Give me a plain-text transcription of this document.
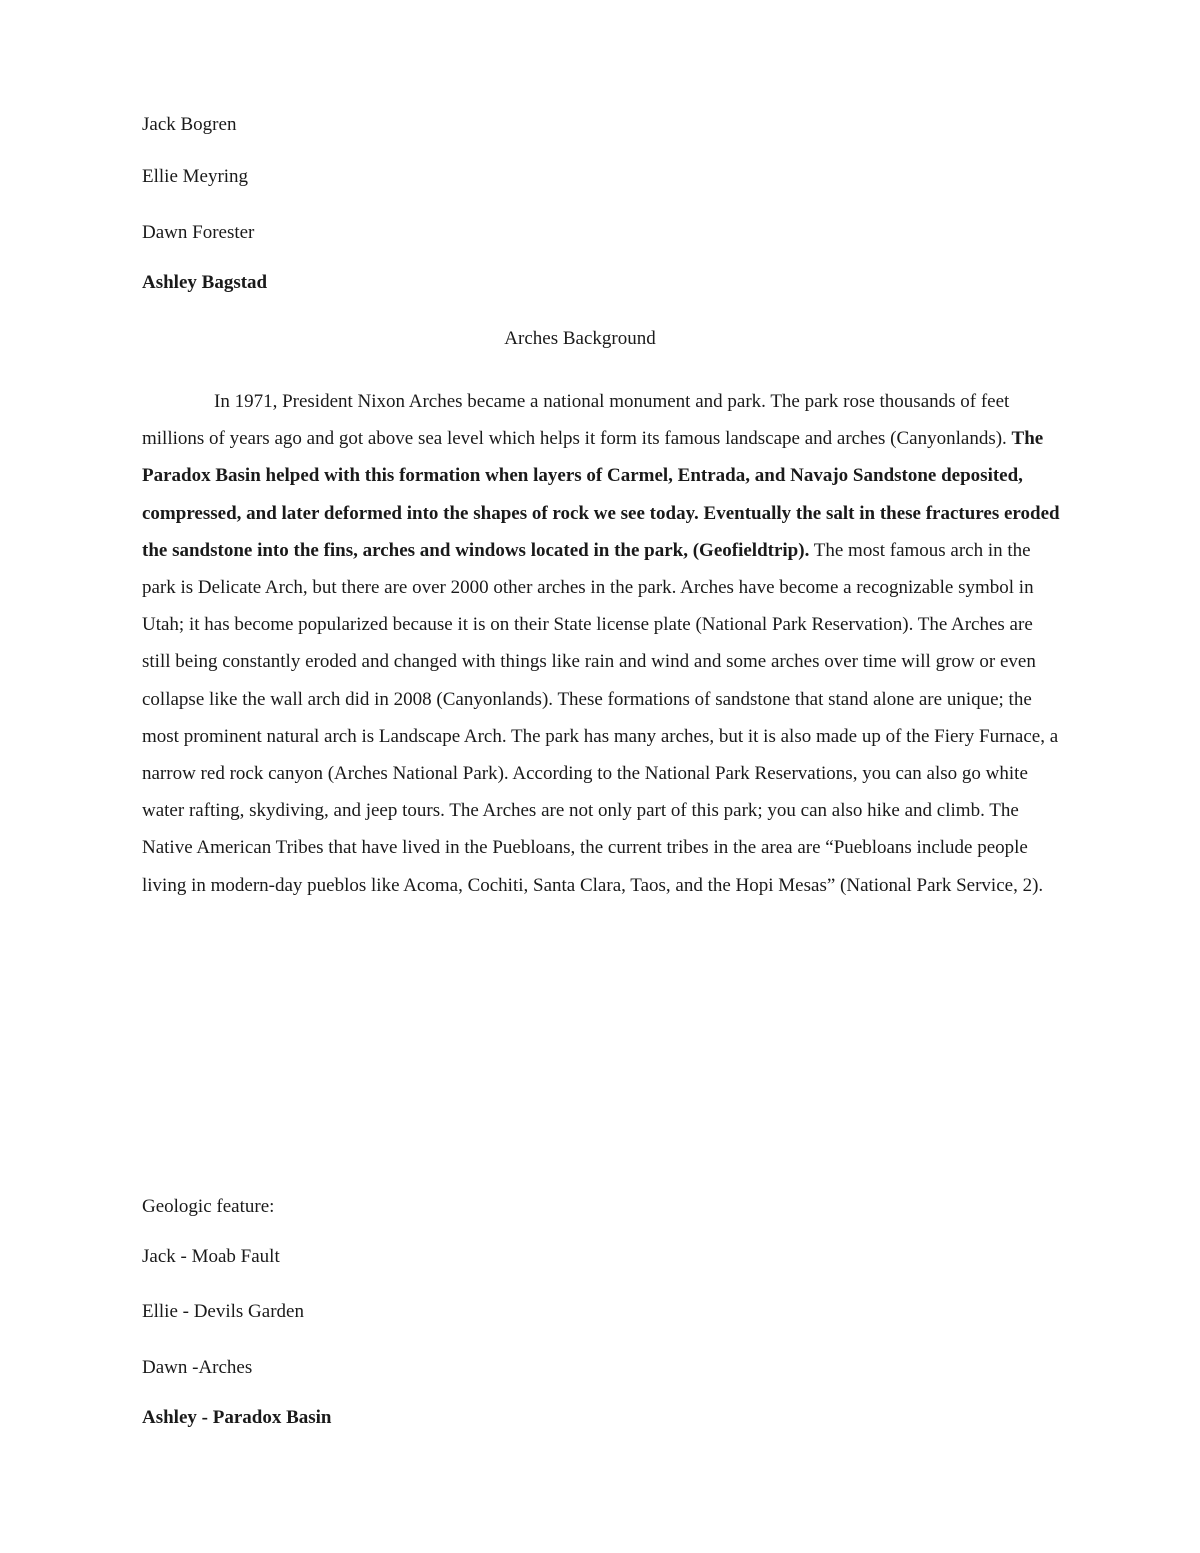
Jack Bogren
Ellie Meyring
Dawn Forester
Ashley Bagstad
Arches Background
In 1971, President Nixon Arches became a national monument and park. The park rose thousands of feet millions of years ago and got above sea level which helps it form its famous landscape and arches (Canyonlands). The Paradox Basin helped with this formation when layers of Carmel, Entrada, and Navajo Sandstone deposited, compressed, and later deformed into the shapes of rock we see today. Eventually the salt in these fractures eroded the sandstone into the fins, arches and windows located in the park, (Geofieldtrip). The most famous arch in the park is Delicate Arch, but there are over 2000 other arches in the park. Arches have become a recognizable symbol in Utah; it has become popularized because it is on their State license plate (National Park Reservation). The Arches are still being constantly eroded and changed with things like rain and wind and some arches over time will grow or even collapse like the wall arch did in 2008 (Canyonlands). These formations of sandstone that stand alone are unique; the most prominent natural arch is Landscape Arch. The park has many arches, but it is also made up of the Fiery Furnace, a narrow red rock canyon (Arches National Park). According to the National Park Reservations, you can also go white water rafting, skydiving, and jeep tours. The Arches are not only part of this park; you can also hike and climb. The Native American Tribes that have lived in the Puebloans, the current tribes in the area are “Puebloans include people living in modern-day pueblos like Acoma, Cochiti, Santa Clara, Taos, and the Hopi Mesas” (National Park Service, 2).
Geologic feature:
Jack - Moab Fault
Ellie - Devils Garden
Dawn -Arches
Ashley - Paradox Basin
